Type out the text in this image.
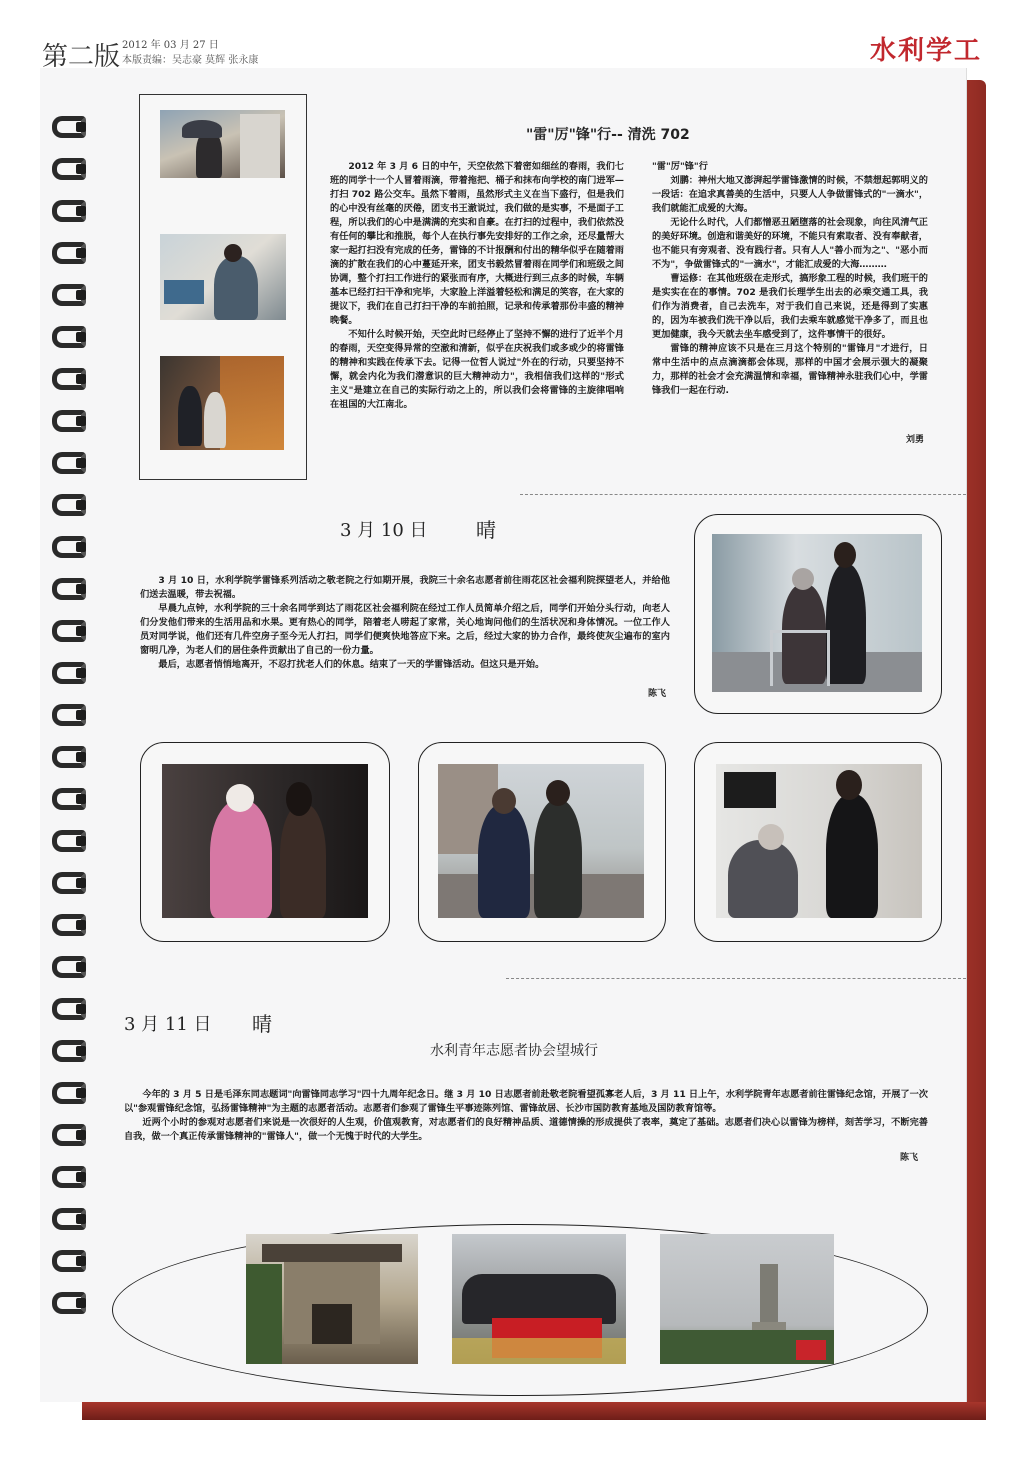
第二版 2012 年 03 月 27 日
本版责编：吴志豪 莫辉 张永康	水利学工
"雷"厉"锋"行-- 清洗 702

2012 年 3 月 6 日的中午，天空依然下着密如细丝的春雨，我们七班的同学十一个人冒着雨滴，带着拖把、桶子和抹布向学校的南门进军—打扫 702 路公交车。虽然下着雨，虽然形式主义在当下盛行，但是我们的心中没有丝毫的厌倦，团支书王澈说过，我们做的是实事，不是面子工程，所以我们的心中是满满的充实和自豪。在打扫的过程中，我们依然没有任何的攀比和推脱，每个人在执行事先安排好的工作之余，还尽量帮大家一起打扫没有完成的任务，雷锋的不计报酬和付出的精华似乎在随着雨滴的扩散在我们的心中蔓延开来，团支书毅然冒着雨在同学们和班级之间协调，整个打扫工作进行的紧张而有序，大概进行到三点多的时候，车辆基本已经打扫干净和完毕，大家脸上洋溢着轻松和满足的笑容，在大家的提议下，我们在自己打扫干净的车前拍照，记录和传承着那份丰盛的精神晚餐。

不知什么时候开始，天空此时已经停止了坚持不懈的进行了近半个月的春雨，天空变得异常的空澈和清新，似乎在庆祝我们或多或少的将雷锋的精神和实践在传承下去。记得一位哲人说过"外在的行动，只要坚持不懈，就会内化为我们潜意识的巨大精神动力"，我相信我们这样的"形式主义"是建立在自己的实际行动之上的，所以我们会将雷锋的主旋律唱响在祖国的大江南北。

"雷"厉"锋"行

刘鹏：神州大地又澎湃起学雷锋激情的时候，不禁想起郭明义的一段话：在追求真善美的生活中，只要人人争做雷锋式的"一滴水"，我们就能汇成爱的大海。

无论什么时代，人们都憎恶丑陋堕落的社会现象，向往风清气正的美好环境。创造和谐美好的环境，不能只有索取者、没有奉献者，也不能只有旁观者、没有践行者。只有人人"善小而为之"、"恶小而不为"，争做雷锋式的"一滴水"，才能汇成爱的大海………

曹运修：在其他班级在走形式，搞形象工程的时候，我们班干的是实实在在的事情。702 是我们长理学生出去的必乘交通工具，我们作为消费者，自己去洗车，对于我们自己来说，还是得到了实惠的，因为车被我们洗干净以后，我们去乘车就感觉干净多了，而且也更加健康，我今天就去坐车感受到了，这件事情干的很好。

雷锋的精神应该不只是在三月这个特别的"雷锋月"才进行，日常中生活中的点点滴滴都会体现，那样的中国才会展示强大的凝聚力，那样的社会才会充满温情和幸福，雷锋精神永驻我们心中，学雷锋我们一起在行动.

刘勇
3 月 10 日 晴

3 月 10 日，水利学院学雷锋系列活动之敬老院之行如期开展，我院三十余名志愿者前往雨花区社会福利院探望老人，并给他们送去温暖，带去祝福。

早晨九点钟，水利学院的三十余名同学到达了雨花区社会福利院在经过工作人员简单介绍之后，同学们开始分头行动，向老人们分发他们带来的生活用品和水果。更有热心的同学，陪着老人唠起了家常，关心地询问他们的生活状况和身体情况。一位工作人员对同学说，他们还有几件空房子至今无人打扫，同学们便爽快地答应下来。之后，经过大家的协力合作，最终使灰尘遍布的室内窗明几净，为老人们的居住条件贡献出了自己的一份力量。

最后，志愿者悄悄地离开，不忍打扰老人们的休息。结束了一天的学雷锋活动。但这只是开始。

陈飞
3 月 11 日 晴
水利青年志愿者协会望城行

今年的 3 月 5 日是毛泽东同志题词"向雷锋同志学习"四十九周年纪念日。继 3 月 10 日志愿者前赴敬老院看望孤寡老人后，3 月 11 日上午，水利学院青年志愿者前往雷锋纪念馆，开展了一次以"参观雷锋纪念馆，弘扬雷锋精神"为主题的志愿者活动。志愿者们参观了雷锋生平事迹陈列馆、雷锋故居、长沙市国防教育基地及国防教育馆等。

近两个小时的参观对志愿者们来说是一次很好的人生观，价值观教育，对志愿者们的良好精神品质、道德情操的形成提供了表率，奠定了基础。志愿者们决心以雷锋为榜样，刻苦学习，不断完善自我，做一个真正传承雷锋精神的"雷锋人"，做一个无愧于时代的大学生。

陈飞
